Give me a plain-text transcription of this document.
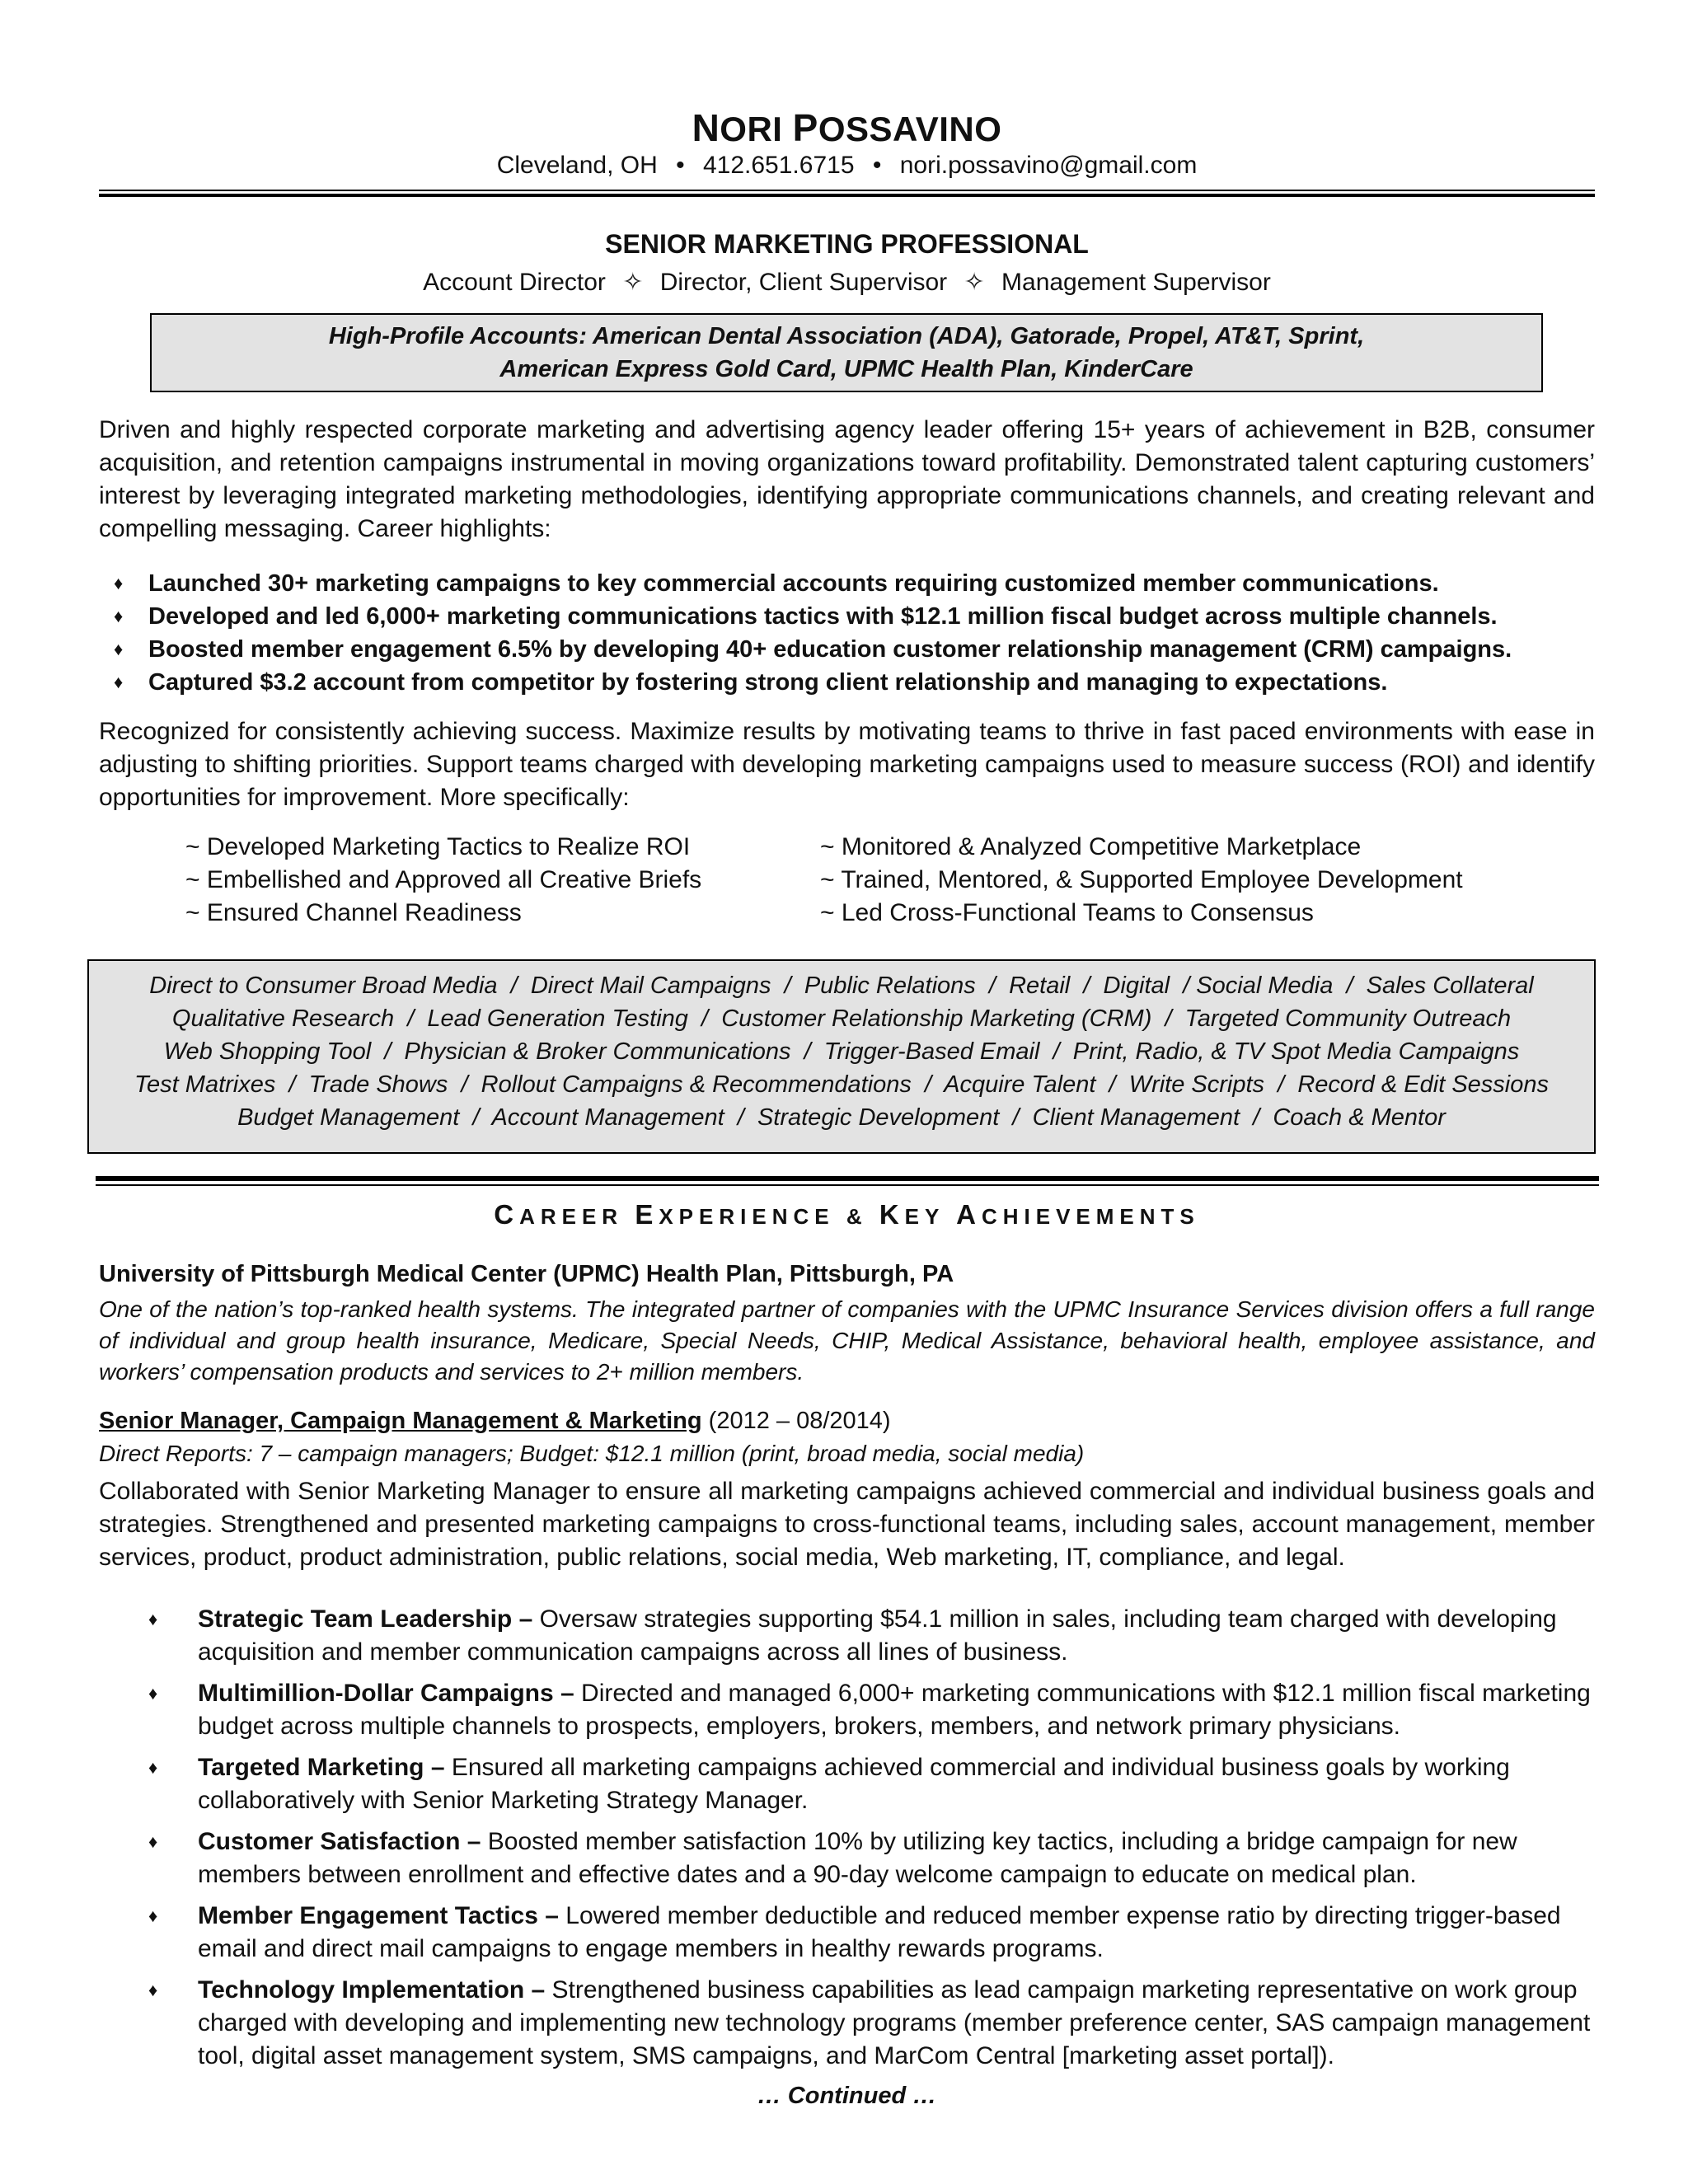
NORI POSSAVINO
Cleveland, OH • 412.651.6715 • nori.possavino@gmail.com
SENIOR MARKETING PROFESSIONAL
Account Director ✧ Director, Client Supervisor ✧ Management Supervisor
High-Profile Accounts: American Dental Association (ADA), Gatorade, Propel, AT&T, Sprint,
American Express Gold Card, UPMC Health Plan, KinderCare
Driven and highly respected corporate marketing and advertising agency leader offering 15+ years of achievement in B2B, consumer acquisition, and retention campaigns instrumental in moving organizations toward profitability. Demonstrated talent capturing customers’ interest by leveraging integrated marketing methodologies, identifying appropriate communications channels, and creating relevant and compelling messaging. Career highlights:
♦	Launched 30+ marketing campaigns to key commercial accounts requiring customized member communications.
♦	Developed and led 6,000+ marketing communications tactics with $12.1 million fiscal budget across multiple channels.
♦	Boosted member engagement 6.5% by developing 40+ education customer relationship management (CRM) campaigns.
♦	Captured $3.2 account from competitor by fostering strong client relationship and managing to expectations.
Recognized for consistently achieving success. Maximize results by motivating teams to thrive in fast paced environments with ease in adjusting to shifting priorities. Support teams charged with developing marketing campaigns used to measure success (ROI) and identify opportunities for improvement. More specifically:
~ Developed Marketing Tactics to Realize ROI
~ Embellished and Approved all Creative Briefs
~ Ensured Channel Readiness
~ Monitored & Analyzed Competitive Marketplace
~ Trained, Mentored, & Supported Employee Development
~ Led Cross-Functional Teams to Consensus
Direct to Consumer Broad Media  /  Direct Mail Campaigns  /  Public Relations  /  Retail  /  Digital  / Social Media  /  Sales Collateral
Qualitative Research  /  Lead Generation Testing  /  Customer Relationship Marketing (CRM)  /  Targeted Community Outreach
Web Shopping Tool  /  Physician & Broker Communications  /  Trigger-Based Email  /  Print, Radio, & TV Spot Media Campaigns
Test Matrixes  /  Trade Shows  /  Rollout Campaigns & Recommendations  /  Acquire Talent  /  Write Scripts  /  Record & Edit Sessions
Budget Management  /  Account Management  /  Strategic Development  /  Client Management  /  Coach & Mentor
CAREER EXPERIENCE & KEY ACHIEVEMENTS
University of Pittsburgh Medical Center (UPMC) Health Plan, Pittsburgh, PA
One of the nation’s top-ranked health systems. The integrated partner of companies with the UPMC Insurance Services division offers a full range of individual and group health insurance, Medicare, Special Needs, CHIP, Medical Assistance, behavioral health, employee assistance, and workers’ compensation products and services to 2+ million members.
Senior Manager, Campaign Management & Marketing (2012 – 08/2014)
Direct Reports: 7 – campaign managers; Budget: $12.1 million (print, broad media, social media)
Collaborated with Senior Marketing Manager to ensure all marketing campaigns achieved commercial and individual business goals and strategies. Strengthened and presented marketing campaigns to cross-functional teams, including sales, account management, member services, product, product administration, public relations, social media, Web marketing, IT, compliance, and legal.
♦	Strategic Team Leadership – Oversaw strategies supporting $54.1 million in sales, including team charged with developing acquisition and member communication campaigns across all lines of business.
♦	Multimillion-Dollar Campaigns – Directed and managed 6,000+ marketing communications with $12.1 million fiscal marketing budget across multiple channels to prospects, employers, brokers, members, and network primary physicians.
♦	Targeted Marketing – Ensured all marketing campaigns achieved commercial and individual business goals by working collaboratively with Senior Marketing Strategy Manager.
♦	Customer Satisfaction – Boosted member satisfaction 10% by utilizing key tactics, including a bridge campaign for new members between enrollment and effective dates and a 90-day welcome campaign to educate on medical plan.
♦	Member Engagement Tactics – Lowered member deductible and reduced member expense ratio by directing trigger-based email and direct mail campaigns to engage members in healthy rewards programs.
♦	Technology Implementation – Strengthened business capabilities as lead campaign marketing representative on work group charged with developing and implementing new technology programs (member preference center, SAS campaign management tool, digital asset management system, SMS campaigns, and MarCom Central [marketing asset portal]).
… Continued …
